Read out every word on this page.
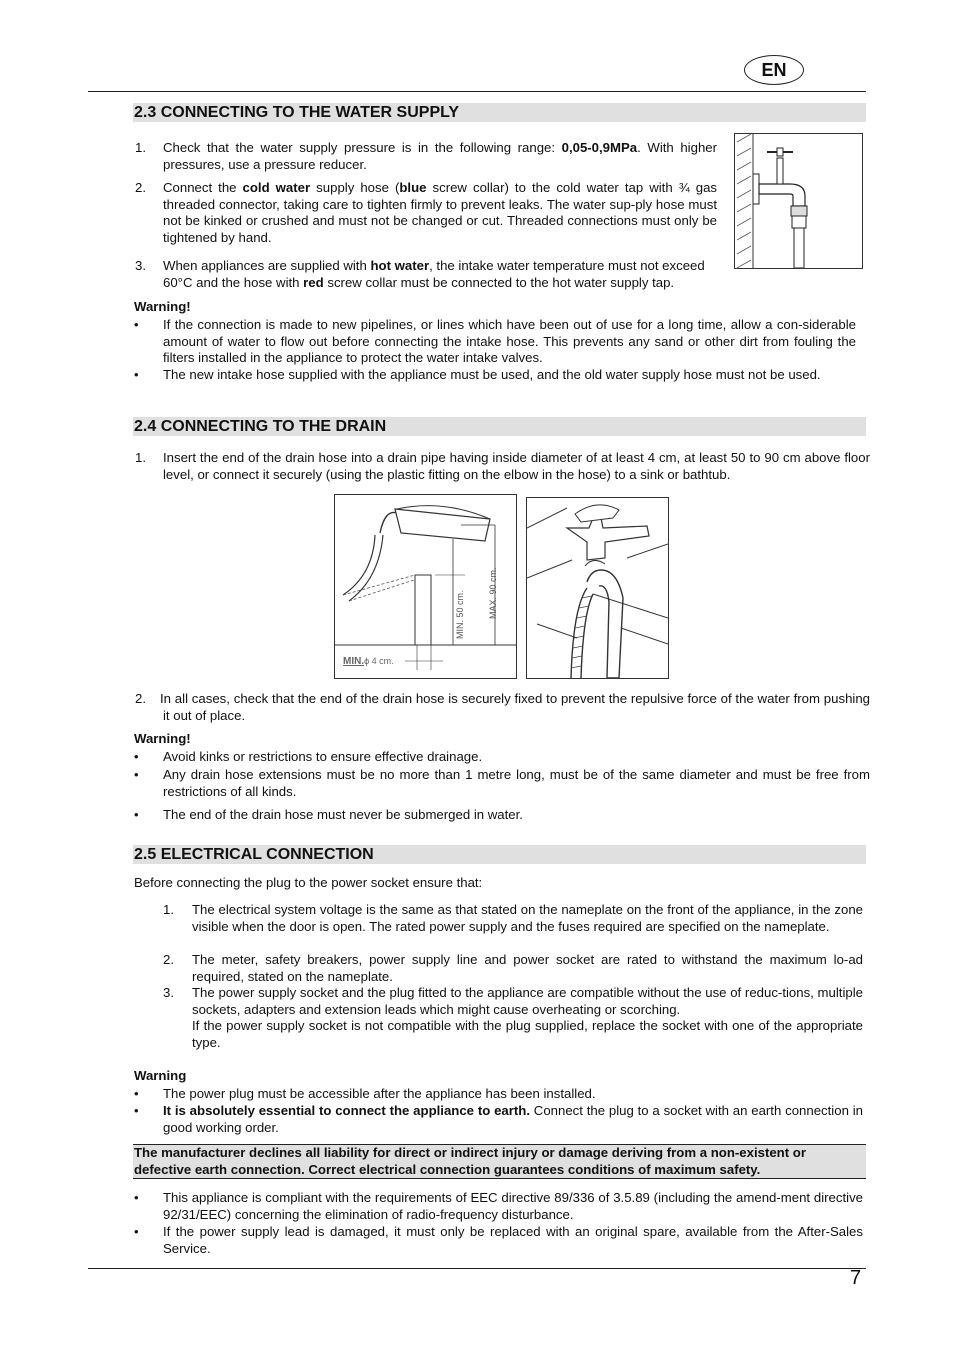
EN
2.3 CONNECTING TO THE WATER SUPPLY
1. Check that the water supply pressure is in the following range: 0,05-0,9MPa. With higher pressures, use a pressure reducer.
2. Connect the cold water supply hose (blue screw collar) to the cold water tap with ¾ gas threaded connector, taking care to tighten firmly to prevent leaks. The water sup-ply hose must not be kinked or crushed and must not be changed or cut. Threaded connections must only be tightened by hand.
3. When appliances are supplied with hot water, the intake water temperature must not exceed 60°C and the hose with red screw collar must be connected to the hot water supply tap.
Warning!
• If the connection is made to new pipelines, or lines which have been out of use for a long time, allow a con-siderable amount of water to flow out before connecting the intake hose. This prevents any sand or other dirt from fouling the filters installed in the appliance to protect the water intake valves.
• The new intake hose supplied with the appliance must be used, and the old water supply hose must not be used.
2.4 CONNECTING TO THE DRAIN
1. Insert the end of the drain hose into a drain pipe having inside diameter of at least 4 cm, at least 50 to 90 cm above floor level, or connect it securely (using the plastic fitting on the elbow in the hose) to a sink or bathtub.
MAX. 90 cm.
MIN. 50 cm.
MIN.ϕ 4 cm.
2. In all cases, check that the end of the drain hose is securely fixed to prevent the repulsive force of the water from pushing it out of place.
Warning!
• Avoid kinks or restrictions to ensure effective drainage.
• Any drain hose extensions must be no more than 1 metre long, must be of the same diameter and must be free from restrictions of all kinds.
• The end of the drain hose must never be submerged in water.
2.5 ELECTRICAL CONNECTION
Before connecting the plug to the power socket ensure that:
1. The electrical system voltage is the same as that stated on the nameplate on the front of the appliance, in the zone visible when the door is open. The rated power supply and the fuses required are specified on the nameplate.
2. The meter, safety breakers, power supply line and power socket are rated to withstand the maximum lo-ad required, stated on the nameplate.
3. The power supply socket and the plug fitted to the appliance are compatible without the use of reduc-tions, multiple sockets, adapters and extension leads which might cause overheating or scorching.
If the power supply socket is not compatible with the plug supplied, replace the socket with one of the appropriate type.
Warning
• The power plug must be accessible after the appliance has been installed.
• It is absolutely essential to connect the appliance to earth. Connect the plug to a socket with an earth connection in good working order.
The manufacturer declines all liability for direct or indirect injury or damage deriving from a non-existent or defective earth connection. Correct electrical connection guarantees conditions of maximum safety.
• This appliance is compliant with the requirements of EEC directive 89/336 of 3.5.89 (including the amend-ment directive 92/31/EEC) concerning the elimination of radio-frequency disturbance.
• If the power supply lead is damaged, it must only be replaced with an original spare, available from the After-Sales Service.
7
